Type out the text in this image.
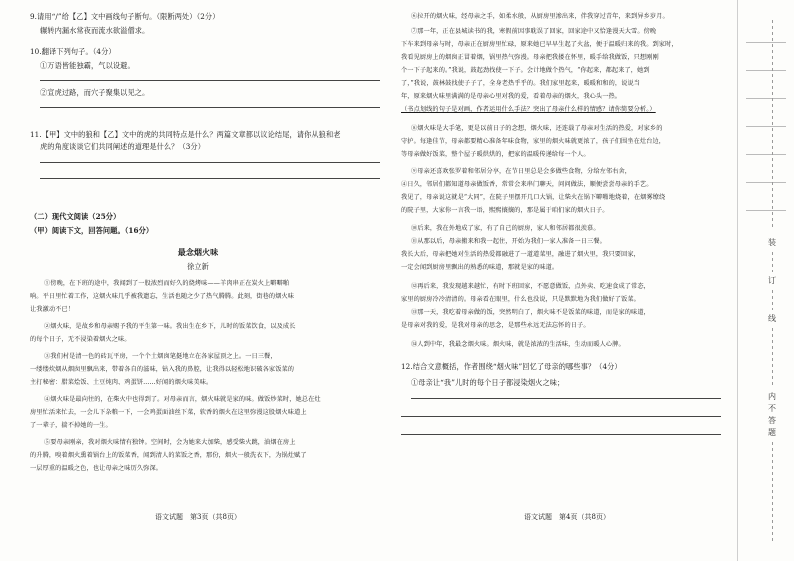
9.请用“/”给【乙】文中画线句子断句。（限断两处）（2分）
辗转内漏水常夜而流水欲溢僧求。
10.翻译下列句子。（4分）
①万语皆能独霸，气以设避。
②宣虎过路，而穴子聚集以见之。
11.【甲】文中的狼和【乙】文中的虎的共同特点是什么？两篇文章都以议论结尾，请你从狼和老
虎的角度谈谈它们共同阐述的道理是什么？（3分）
（二）现代文阅读（25分）
（甲）阅读下文，回答问题。（16分）
最念烟火味
徐立新
①傍晚，在下班的途中，我闻到了一股浓烈而好久的烧烤味——羊肉串正在炭火上噼噼啪
响。平日里忙着工作，这烟火味几乎被我遗忘，生活也随之少了热气腾腾。此刻，街巷的烟火味
让我激动不已！
②烟火味，是故乡和母亲赐予我的平生第一味。我出生在乡下，儿时的饭菜饮食，以及成长
的每个日子，无不浸染着烟火之味。
③我们村是清一色的砖瓦平房，一个个土烟囱笔挺地立在各家屋顶之上。一日三餐，
一缕缕炊烟从烟囱里飘出来，带着各自的滋味，钻入我的鼻腔，让我得以轻松地识破各家饭菜的
主打秘密：腊菜烩饭、土豆炖肉、鸡蛋饼……好闻的烟火味美味。
④烟火味是最向往的，在柴火中也得到了。对母亲而言，烟火味就是家的味。做饭炒菜时，她总在灶
房里忙活来忙去，一会儿下杂粮一下，一会鸡蛋面油丝下菜，软香的烟火在这里弥漫这股烟火味道上
了一辈子，揣不掉她的一生。
⑤要母亲刚亲，我对烟火味情有独钟。空间时，会为她来大加柴，感受柴火跳，油烟在房上
的升腾，嗅着烟火熏着锅台上的饭菜香，闻到清人的菜饭之香，那份，烟火一般洗衣下，为锅灶赋了
一层厚重的温暖之色，也让母亲之味历久弥深。
语文试题　第3页（共8页）
⑥拉开的烟火味，经母亲之手，如柔水般，从厨房里渗出来，伴我穿过青年，来到异乡岁月。
⑦那一年，正在县城读书的我，寒假前因事耽误了回家，回家途中又恰逢漫天大雪。傍晚
下车来到母亲与时，母亲正在厨房里忙碌，原来她已早早生起了火盆，便于温暖归来的我。到家时，
我看见厨房上的烟囱正冒着烟，锅里热气弥漫。母亲把我搂在怀里，暖手给我做饭，只想刚刚
个一下子起来的。”我说，鼓起劲找使一下子。会计地做个热气，“你起来，都起来了，她到
了，”我说，鼓林鼓找使子子了，全身老热乎乎的。我们家里起来，暖暖和和的，说说当
年，原来烟火味里满满的是母亲心里对我的爱，看着母亲的烟火，我心头一热。
（书点划线的句子是对画，作者运用什么手法？突出了母亲什么样的情感？请你简要分析。）
⑧烟火味是大手笔，更是以前日子的念想，烟火味，还连载了母亲对生活的热爱，对家乡的
守护。每逢佳节，母亲都要精心准备年味食物，家里的烟火味就更浓了，孩子们围坐在灶台边，
等母亲做好饭菜，整个屋子暖烘烘的，把家的温暖传递给每一个人。
⑨母亲还喜欢张罗着和邻居分享，在节日里总是会多做些食物，分给左邻右舍，
④日久，邻居们都知道母亲做饭香，常常会来串门聊天，问问做法，顺便尝尝母亲的手艺。
我见了，母亲说这就是“大同”，在院子里摆开几口大锅，让柴火在锅下噼啪地烧着，在烟雾缭绕
的院子里，大家你一言我一语，熙熙攘攘的，那是属于咱们家的烟火日子。
⑩后来，我在外地成了家，有了自己的厨房，家人和邻居都很羡慕。
⑪从那以后，母亲搬来和我一起住，开始为我们一家人准备一日三餐。
我长大后，母亲把她对生活的热爱都融进了一道道菜里，融进了烟火里，我只要回家，
一定会闻到厨房里飘出的熟悉的味道，那就是家的味道。
⑫再后来，我发现越来越忙，有时下班回家，不愿意做饭，点外卖、吃速食成了常态，
家里的厨房冷冷清清的。母亲看在眼里，什么也没说，只是默默地为我们做好了饭菜。
⑬那一天，我吃着母亲做的饭，突然明白了，烟火味不是饭菜的味道，而是家的味道，
是母亲对我的爱，是我对母亲的思念，是那些永远无法忘怀的日子。
⑭人到中年，我最念烟火味。烟火味，就是浓浓的生活味，生动而暖人心脾。
12.结合文意概括，作者围绕“烟火味”回忆了母亲的哪些事？（4分）
①母亲让“我”儿时的每个日子都浸染烟火之味；
语文试题　第4页（共8页）
装
订
线
内
不
答
题
